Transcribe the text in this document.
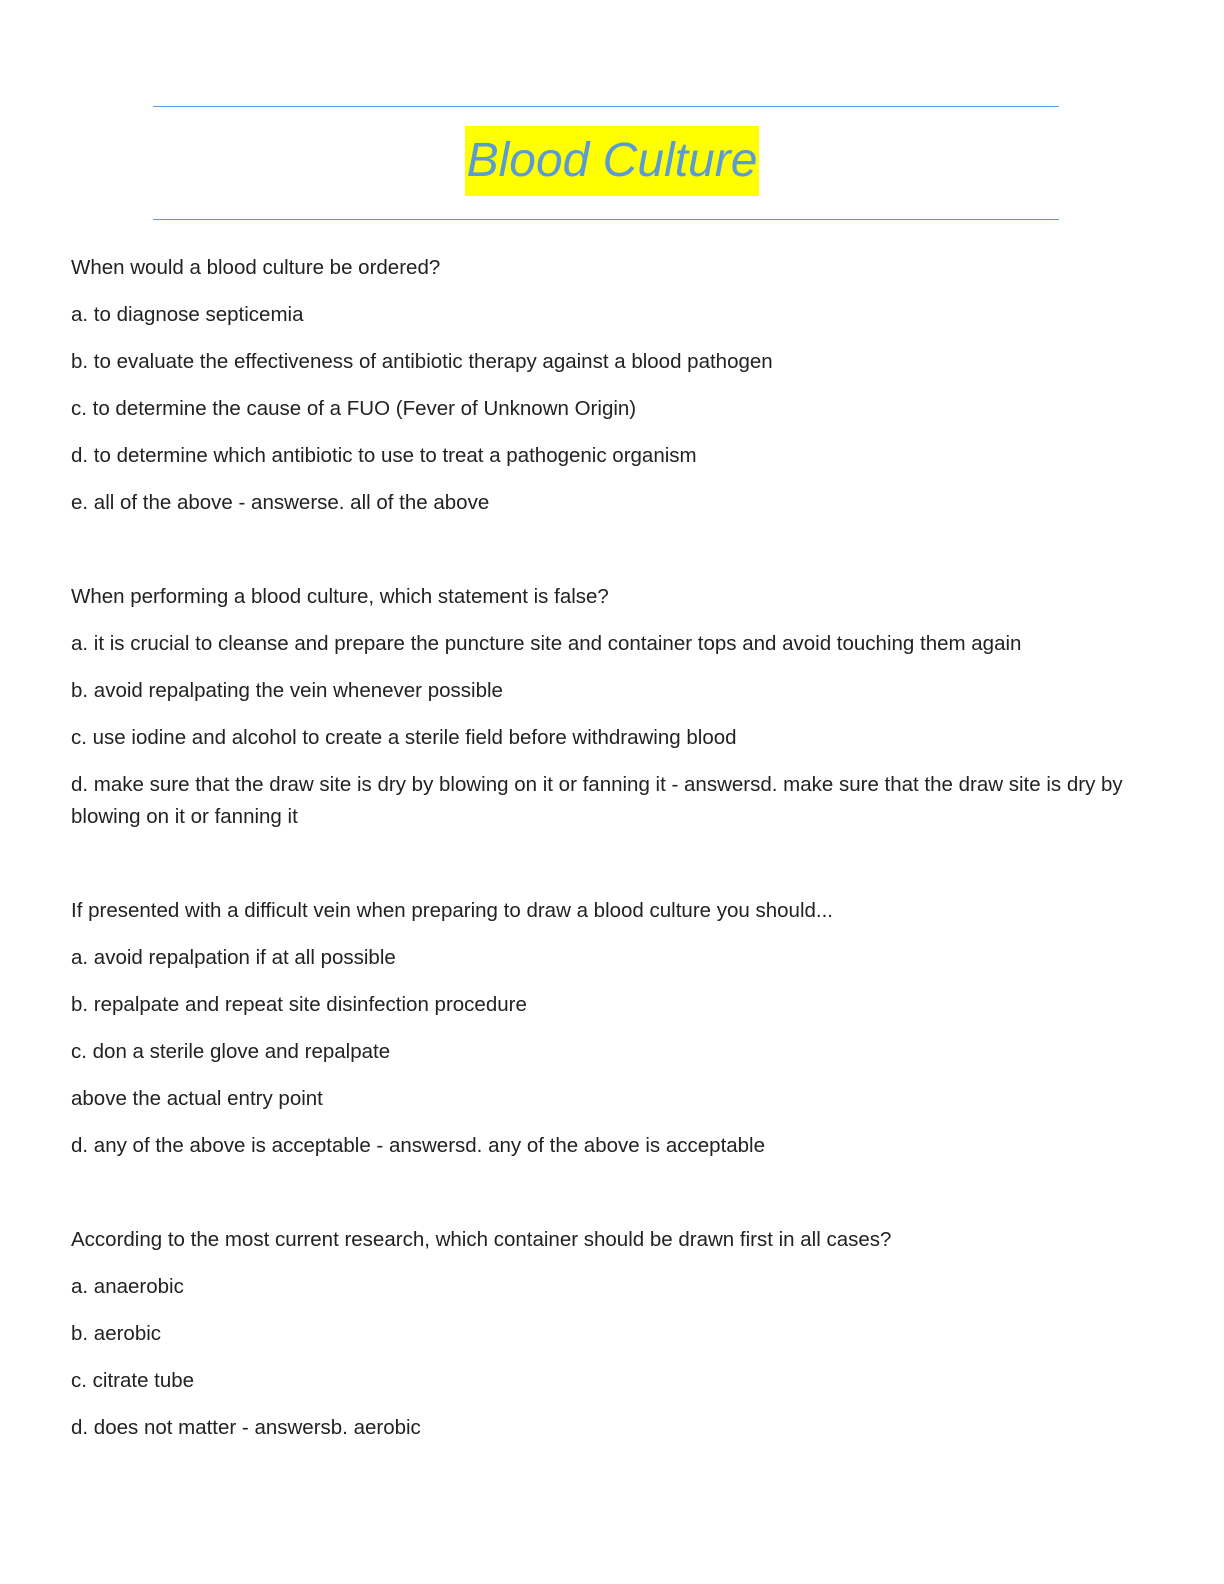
Blood Culture
When would a blood culture be ordered?
a. to diagnose septicemia
b. to evaluate the effectiveness of antibiotic therapy against a blood pathogen
c. to determine the cause of a FUO (Fever of Unknown Origin)
d. to determine which antibiotic to use to treat a pathogenic organism
e. all of the above - answerse. all of the above
When performing a blood culture, which statement is false?
a. it is crucial to cleanse and prepare the puncture site and container tops and avoid touching them again
b. avoid repalpating the vein whenever possible
c. use iodine and alcohol to create a sterile field before withdrawing blood
d. make sure that the draw site is dry by blowing on it or fanning it - answersd. make sure that the draw site is dry by blowing on it or fanning it
If presented with a difficult vein when preparing to draw a blood culture you should...
a. avoid repalpation if at all possible
b. repalpate and repeat site disinfection procedure
c. don a sterile glove and repalpate
above the actual entry point
d. any of the above is acceptable - answersd. any of the above is acceptable
According to the most current research, which container should be drawn first in all cases?
a. anaerobic
b. aerobic
c. citrate tube
d. does not matter - answersb. aerobic
